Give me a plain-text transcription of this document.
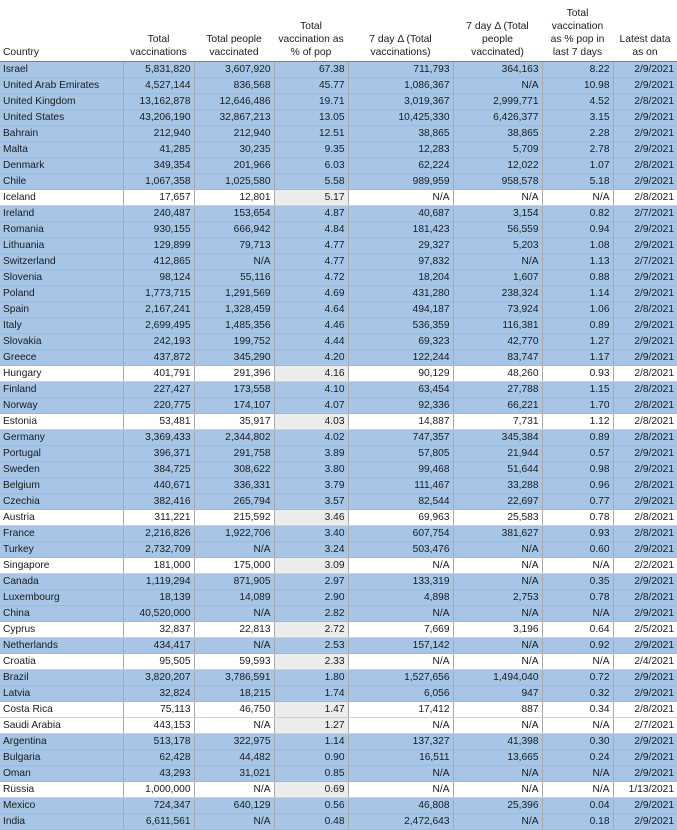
Country	Total vaccinations	Total people vaccinated	Total vaccination as % of pop	7 day Δ (Total vaccinations)	7 day Δ (Total people vaccinated)	Total vaccination as % pop in last 7 days	Latest data as on
Israel	5,831,820	3,607,920	67.38	711,793	364,163	8.22	2/9/2021
United Arab Emirates	4,527,144	836,568	45.77	1,086,367	N/A	10.98	2/9/2021
United Kingdom	13,162,878	12,646,486	19.71	3,019,367	2,999,771	4.52	2/8/2021
United States	43,206,190	32,867,213	13.05	10,425,330	6,426,377	3.15	2/9/2021
Bahrain	212,940	212,940	12.51	38,865	38,865	2.28	2/9/2021
Malta	41,285	30,235	9.35	12,283	5,709	2.78	2/9/2021
Denmark	349,354	201,966	6.03	62,224	12,022	1.07	2/8/2021
Chile	1,067,358	1,025,580	5.58	989,959	958,578	5.18	2/9/2021
Iceland	17,657	12,801	5.17	N/A	N/A	N/A	2/8/2021
Ireland	240,487	153,654	4.87	40,687	3,154	0.82	2/7/2021
Romania	930,155	666,942	4.84	181,423	56,559	0.94	2/9/2021
Lithuania	129,899	79,713	4.77	29,327	5,203	1.08	2/9/2021
Switzerland	412,865	N/A	4.77	97,832	N/A	1.13	2/7/2021
Slovenia	98,124	55,116	4.72	18,204	1,607	0.88	2/9/2021
Poland	1,773,715	1,291,569	4.69	431,280	238,324	1.14	2/9/2021
Spain	2,167,241	1,328,459	4.64	494,187	73,924	1.06	2/8/2021
Italy	2,699,495	1,485,356	4.46	536,359	116,381	0.89	2/9/2021
Slovakia	242,193	199,752	4.44	69,323	42,770	1.27	2/9/2021
Greece	437,872	345,290	4.20	122,244	83,747	1.17	2/9/2021
Hungary	401,791	291,396	4.16	90,129	48,260	0.93	2/8/2021
Finland	227,427	173,558	4.10	63,454	27,788	1.15	2/8/2021
Norway	220,775	174,107	4.07	92,336	66,221	1.70	2/8/2021
Estonia	53,481	35,917	4.03	14,887	7,731	1.12	2/8/2021
Germany	3,369,433	2,344,802	4.02	747,357	345,384	0.89	2/8/2021
Portugal	396,371	291,758	3.89	57,805	21,944	0.57	2/9/2021
Sweden	384,725	308,622	3.80	99,468	51,644	0.98	2/9/2021
Belgium	440,671	336,331	3.79	111,467	33,288	0.96	2/8/2021
Czechia	382,416	265,794	3.57	82,544	22,697	0.77	2/9/2021
Austria	311,221	215,592	3.46	69,963	25,583	0.78	2/8/2021
France	2,216,826	1,922,706	3.40	607,754	381,627	0.93	2/8/2021
Turkey	2,732,709	N/A	3.24	503,476	N/A	0.60	2/9/2021
Singapore	181,000	175,000	3.09	N/A	N/A	N/A	2/2/2021
Canada	1,119,294	871,905	2.97	133,319	N/A	0.35	2/9/2021
Luxembourg	18,139	14,089	2.90	4,898	2,753	0.78	2/8/2021
China	40,520,000	N/A	2.82	N/A	N/A	N/A	2/9/2021
Cyprus	32,837	22,813	2.72	7,669	3,196	0.64	2/5/2021
Netherlands	434,417	N/A	2.53	157,142	N/A	0.92	2/9/2021
Croatia	95,505	59,593	2.33	N/A	N/A	N/A	2/4/2021
Brazil	3,820,207	3,786,591	1.80	1,527,656	1,494,040	0.72	2/9/2021
Latvia	32,824	18,215	1.74	6,056	947	0.32	2/9/2021
Costa Rica	75,113	46,750	1.47	17,412	887	0.34	2/8/2021
Saudi Arabia	443,153	N/A	1.27	N/A	N/A	N/A	2/7/2021
Argentina	513,178	322,975	1.14	137,327	41,398	0.30	2/9/2021
Bulgaria	62,428	44,482	0.90	16,511	13,665	0.24	2/9/2021
Oman	43,293	31,021	0.85	N/A	N/A	N/A	2/9/2021
Russia	1,000,000	N/A	0.69	N/A	N/A	N/A	1/13/2021
Mexico	724,347	640,129	0.56	46,808	25,396	0.04	2/9/2021
India	6,611,561	N/A	0.48	2,472,643	N/A	0.18	2/9/2021
